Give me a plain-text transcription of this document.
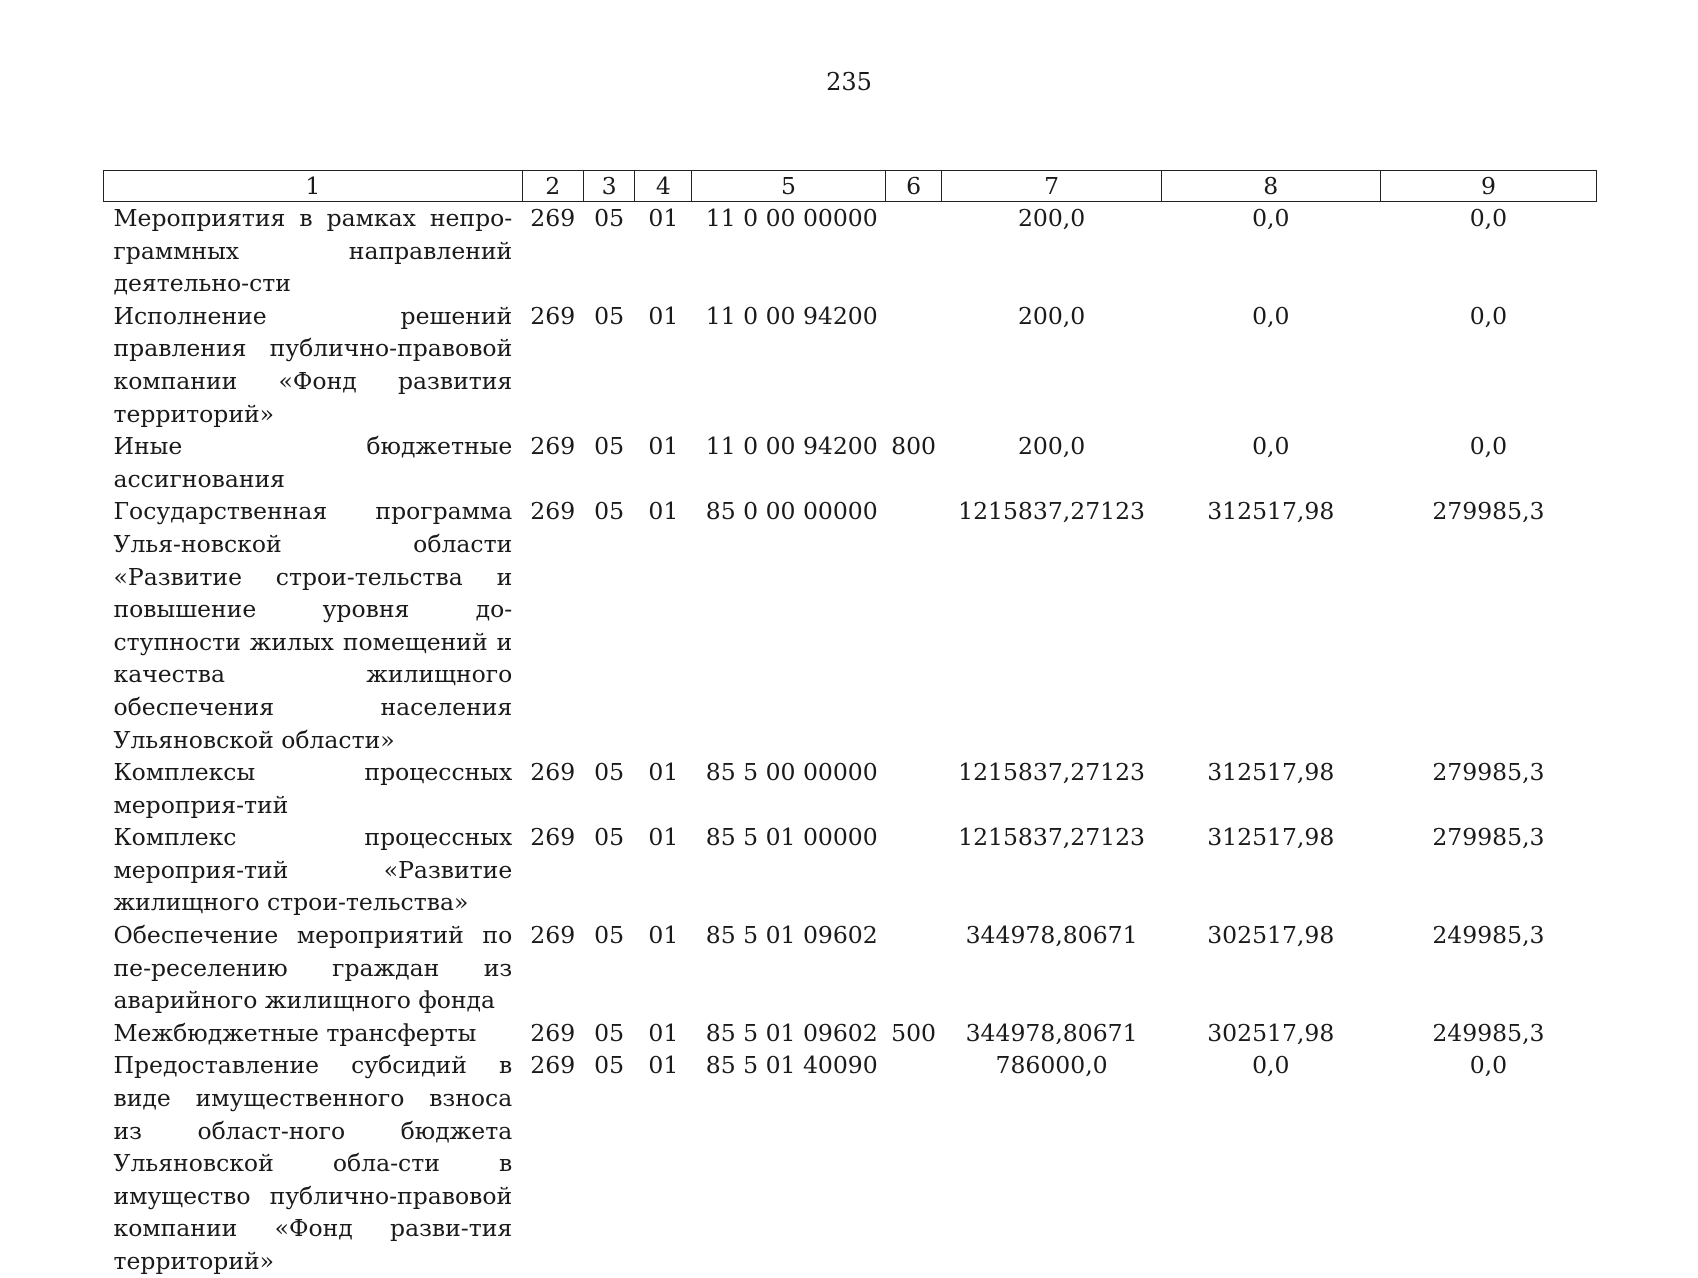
235
1	2	3	4	5	6	7	8	9
Мероприятия в рамках непро-граммных направлений деятельно-сти	269	05	01	11 0 00 00000		200,0	0,0	0,0
Исполнение решений правления публично-правовой компании «Фонд развития территорий»	269	05	01	11 0 00 94200		200,0	0,0	0,0
Иные бюджетные ассигнования	269	05	01	11 0 00 94200	800	200,0	0,0	0,0
Государственная программа Улья-новской области «Развитие строи-тельства и повышение уровня до-ступности жилых помещений и качества жилищного обеспечения населения Ульяновской области»	269	05	01	85 0 00 00000		1215837,27123	312517,98	279985,3
Комплексы процессных мероприя-тий	269	05	01	85 5 00 00000		1215837,27123	312517,98	279985,3
Комплекс процессных мероприя-тий «Развитие жилищного строи-тельства»	269	05	01	85 5 01 00000		1215837,27123	312517,98	279985,3
Обеспечение мероприятий по пе-реселению граждан из аварийного жилищного фонда	269	05	01	85 5 01 09602		344978,80671	302517,98	249985,3
Межбюджетные трансферты	269	05	01	85 5 01 09602	500	344978,80671	302517,98	249985,3
Предоставление субсидий в виде имущественного взноса из област-ного бюджета Ульяновской обла-сти в имущество публично-правовой компании «Фонд разви-тия территорий»	269	05	01	85 5 01 40090		786000,0	0,0	0,0
